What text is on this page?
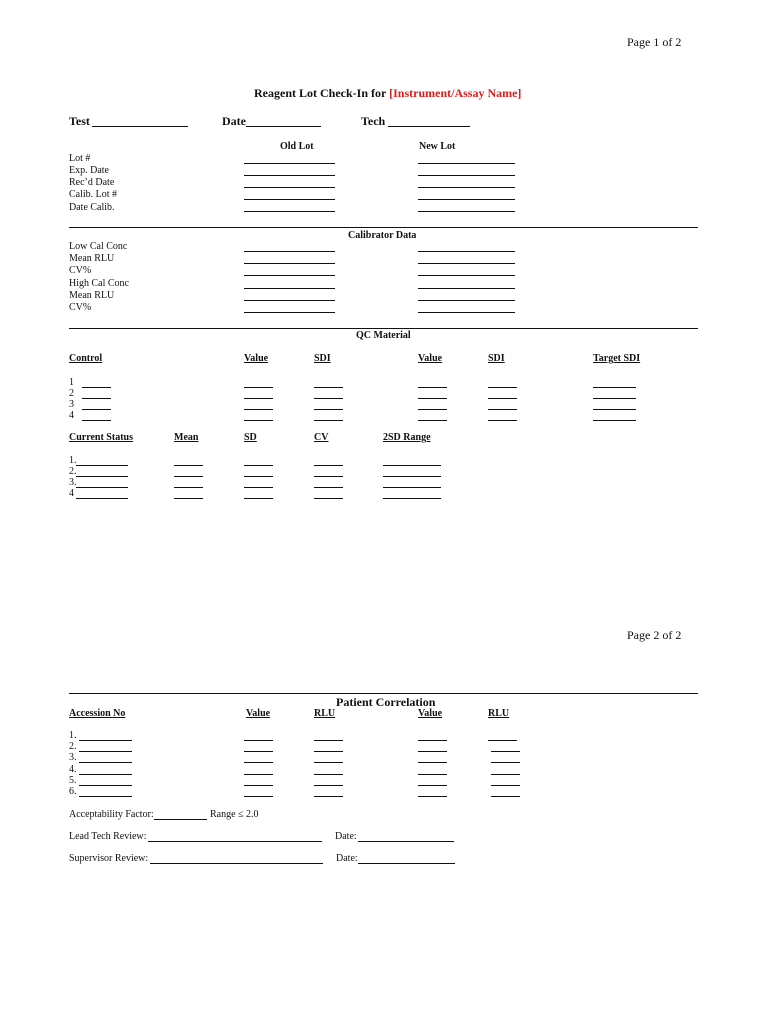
Page 1 of 2
Reagent Lot Check-In for [Instrument/Assay Name]
Test	Date	Tech
Old Lot	New Lot
Lot #
Exp. Date
Rec’d Date
Calib. Lot #
Date Calib.
Calibrator Data
Low Cal Conc
Mean RLU
CV%
High Cal Conc
Mean RLU
CV%
QC Material
Control	Value	SDI	Value	SDI	Target SDI
1
2
3
4
Current Status	Mean	SD	CV	2SD Range
1.
2.
3.
4
Page 2 of 2
Patient Correlation
Accession No	Value	RLU	Value	RLU
1.
2.
3.
4.
5.
6.
Acceptability Factor:	Range ≤ 2.0
Lead Tech Review:	Date:
Supervisor Review:	Date:
